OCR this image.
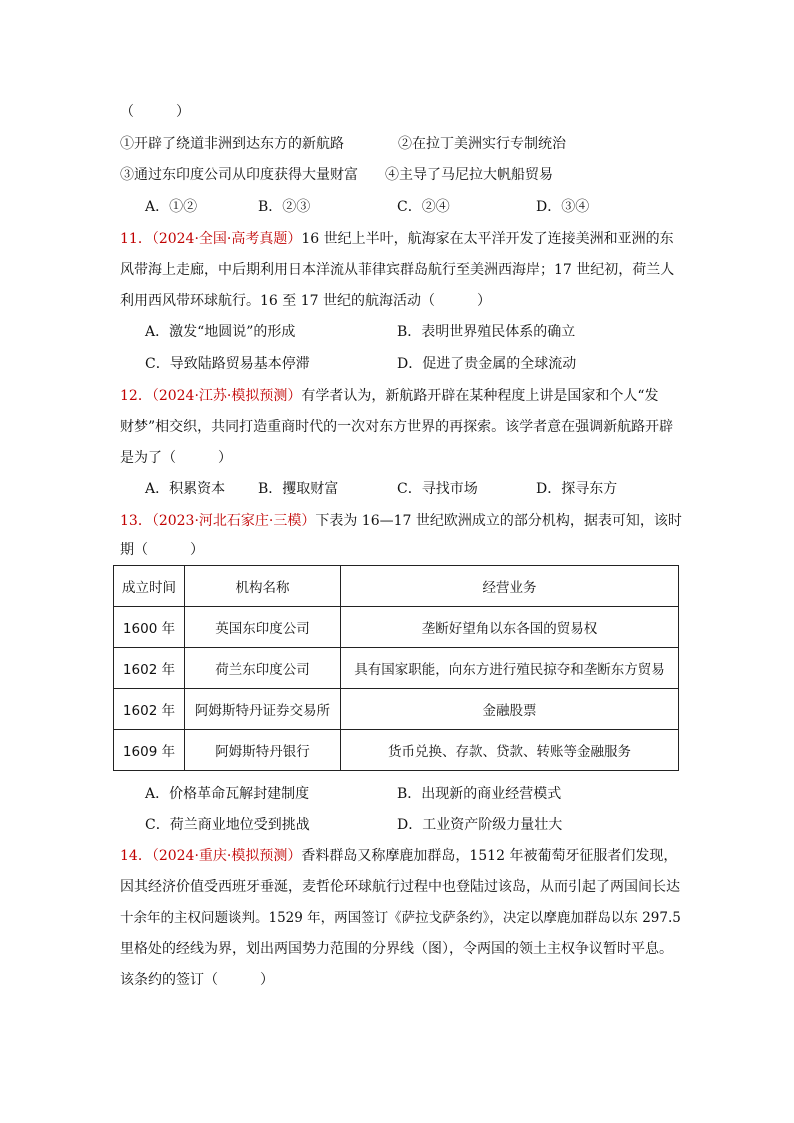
（　　　）
①开辟了绕道非洲到达东方的新航路	②在拉丁美洲实行专制统治
③通过东印度公司从印度获得大量财富 ④主导了马尼拉大帆船贸易
A．①②	B．②③	C．②④	D．③④
11．（2024·全国·高考真题）16 世纪上半叶，航海家在太平洋开发了连接美洲和亚洲的东
风带海上走廊，中后期利用日本洋流从菲律宾群岛航行至美洲西海岸；17 世纪初，荷兰人
利用西风带环球航行。16 至 17 世纪的航海活动（　　　）
A．激发“地圆说”的形成	B．表明世界殖民体系的确立
C．导致陆路贸易基本停滞	D．促进了贵金属的全球流动
12．（2024·江苏·模拟预测）有学者认为，新航路开辟在某种程度上讲是国家和个人“发
财梦”相交织，共同打造重商时代的一次对东方世界的再探索。该学者意在强调新航路开辟
是为了（　　　）
A．积累资本 B．攫取财富	C．寻找市场	D．探寻东方
13．（2023·河北石家庄·三模）下表为 16—17 世纪欧洲成立的部分机构，据表可知，该时
期（　　　）
成立时间	机构名称	经营业务
1600 年	英国东印度公司	垄断好望角以东各国的贸易权
1602 年	荷兰东印度公司	具有国家职能，向东方进行殖民掠夺和垄断东方贸易
1602 年	阿姆斯特丹证券交易所	金融股票
1609 年	阿姆斯特丹银行	货币兑换、存款、贷款、转账等金融服务
A．价格革命瓦解封建制度	B．出现新的商业经营模式
C．荷兰商业地位受到挑战	D．工业资产阶级力量壮大
14．（2024·重庆·模拟预测）香料群岛又称摩鹿加群岛，1512 年被葡萄牙征服者们发现，
因其经济价值受西班牙垂涎，麦哲伦环球航行过程中也登陆过该岛，从而引起了两国间长达
十余年的主权问题谈判。1529 年，两国签订《萨拉戈萨条约》，决定以摩鹿加群岛以东 297.5
里格处的经线为界，划出两国势力范围的分界线（图），令两国的领土主权争议暂时平息。
该条约的签订（　　　）
